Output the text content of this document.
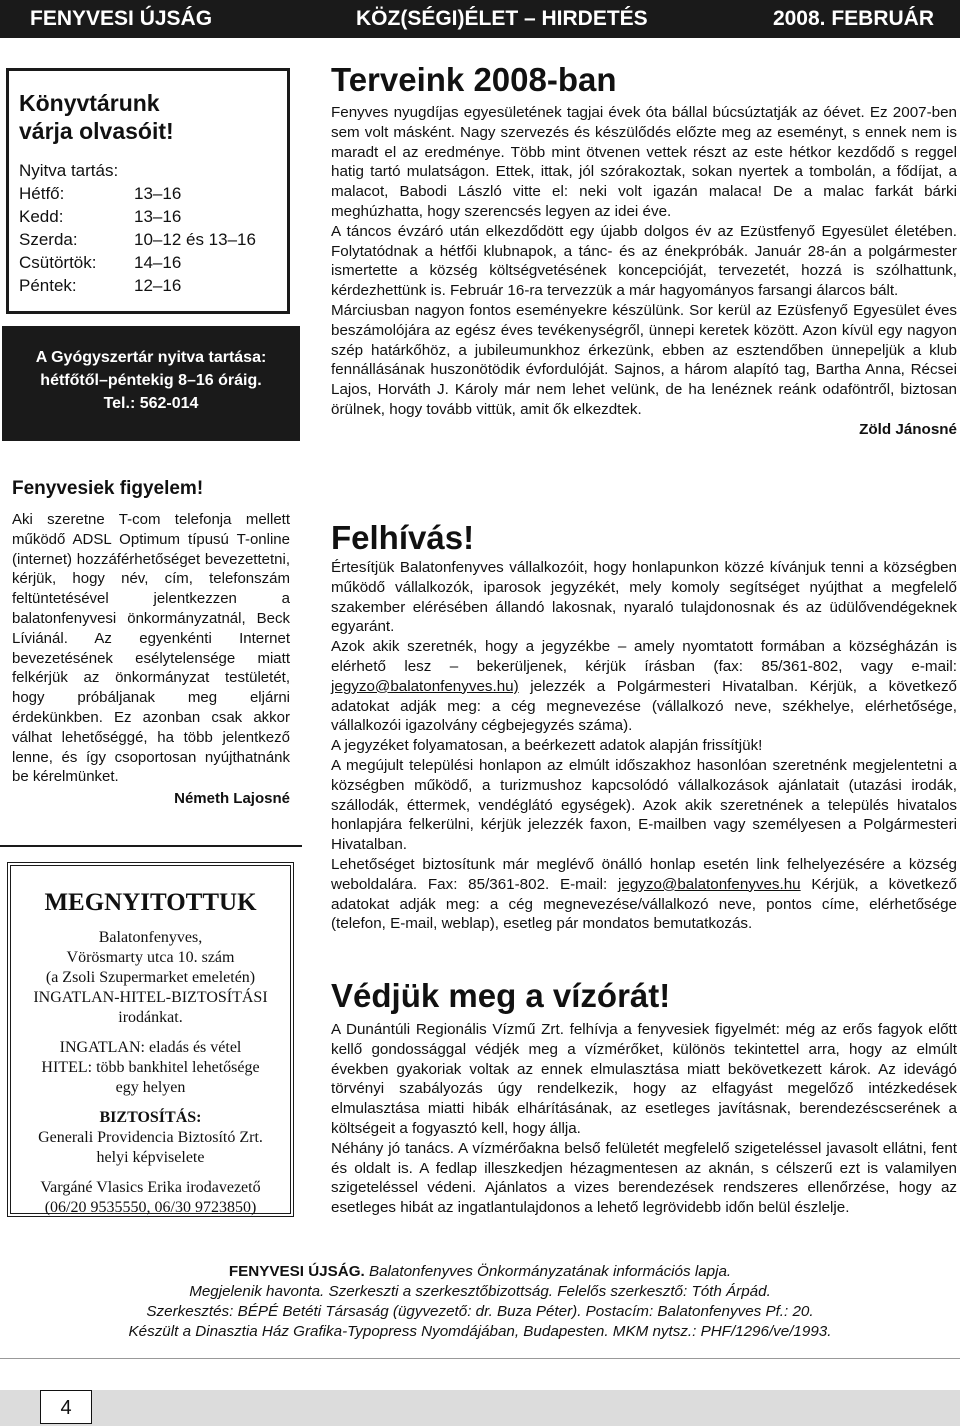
FENYVESI ÚJSÁG	KÖZ(SÉGI)ÉLET – HIRDETÉS	2008. FEBRUÁR
Könyvtárunk
várja olvasóit!
Nyitva tartás:
Hétfő:	13–16
Kedd:	13–16
Szerda:	10–12 és 13–16
Csütörtök:	14–16
Péntek:	12–16
A Gyógyszertár nyitva tartása:
hétfőtől–péntekig 8–16 óráig.
Tel.: 562-014
Fenyvesiek figyelem!
Aki szeretne T-com telefonja mellett működő ADSL Optimum típusú T-online (internet) hozzáférhetőséget bevezettetni, kérjük, hogy név, cím, telefonszám feltüntetésével jelentkezzen a balatonfenyvesi önkormányzatnál, Beck Líviánál. Az egyenkénti Internet bevezetésének esélytelensége miatt felkérjük az önkormányzat testületét, hogy próbáljanak meg eljárni érdekünkben. Ez azonban csak akkor válhat lehetőséggé, ha több jelentkező lenne, és így csoportosan nyújthatnánk be kérelmünket.
Németh Lajosné
MEGNYITOTTUK

Balatonfenyves,

Vörösmarty utca 10. szám

(a Zsoli Szupermarket emeletén)

INGATLAN-HITEL-BIZTOSÍTÁSI

irodánkat.

INGATLAN: eladás és vétel

HITEL: több bankhitel lehetősége

egy helyen

BIZTOSÍTÁS:

Generali Providencia Biztosító Zrt.

helyi képviselete

Vargáné Vlasics Erika irodavezető

(06/20 9535550, 06/30 9723850)

Terveink 2008-ban

Fenyves nyugdíjas egyesületének tagjai évek óta bállal búcsúztatják az óévet. Ez 2007-ben sem volt másként. Nagy szervezés és készülődés előzte meg az eseményt, s ennek nem is maradt el az eredménye. Több mint ötvenen vettek részt az este hétkor kezdődő s reggel hatig tartó mulatságon. Ettek, ittak, jól szórakoztak, sokan nyertek a tombolán, a fődíjat, a malacot, Babodi László vitte el: neki volt igazán malaca! De a malac farkát bárki meghúzhatta, hogy szerencsés legyen az idei éve.

A táncos évzáró után elkezdődött egy újabb dolgos év az Ezüstfenyő Egyesület életében. Folytatódnak a hétfői klubnapok, a tánc- és az énekpróbák. Január 28-án a polgármester ismertette a község költségvetésének koncepcióját, tervezetét, hozzá is szólhattunk, kérdezhettünk is. Február 16-ra tervezzük a már hagyományos farsangi álarcos bált.

Márciusban nagyon fontos eseményekre készülünk. Sor kerül az Ezüsfenyő Egyesület éves beszámolójára az egész éves tevékenységről, ünnepi keretek között. Azon kívül egy nagyon szép határkőhöz, a jubileumunkhoz érkezünk, ebben az esztendőben ünnepeljük a klub fennállásának huszonötödik évfordulóját. Sajnos, a három alapító tag, Bartha Anna, Récsei Lajos, Horváth J. Károly már nem lehet velünk, de ha lenéznek reánk odaföntről, biztosan örülnek, hogy tovább vittük, amit ők elkezdtek.

Zöld Jánosné

Felhívás!

Értesítjük Balatonfenyves vállalkozóit, hogy honlapunkon közzé kívánjuk tenni a községben működő vállalkozók, iparosok jegyzékét, mely komoly segítséget nyújthat a megfelelő szakember elérésében állandó lakosnak, nyaraló tulajdonosnak és az üdülővendégeknek egyaránt.

Azok akik szeretnék, hogy a jegyzékbe – amely nyomtatott formában a községházán is elérhető lesz – bekerüljenek, kérjük írásban (fax: 85/361-802, vagy e-mail: jegyzo@balatonfenyves.hu) jelezzék a Polgármesteri Hivatalban. Kérjük, a következő adatokat adják meg: a cég megnevezése (vállalkozó neve, székhelye, elérhetősége, vállalkozói igazolvány cégbejegyzés száma).

A jegyzéket folyamatosan, a beérkezett adatok alapján frissítjük!

A megújult települési honlapon az elmúlt időszakhoz hasonlóan szeretnénk megjelentetni a községben működő, a turizmushoz kapcsolódó vállalkozások ajánlatait (utazási irodák, szállodák, éttermek, vendéglátó egységek). Azok akik szeretnének a település hivatalos honlapjára felkerülni, kérjük jelezzék faxon, E-mailben vagy személyesen a Polgármesteri Hivatalban.

Lehetőséget biztosítunk már meglévő önálló honlap esetén link felhelyezésére a község weboldalára. Fax: 85/361-802. E-mail: jegyzo@balatonfenyves.hu Kérjük, a következő adatokat adják meg: a cég megnevezése/vállalkozó neve, pontos címe, elérhetősége (telefon, E-mail, weblap), esetleg pár mondatos bemutatkozás.

Védjük meg a vízórát!

A Dunántúli Regionális Vízmű Zrt. felhívja a fenyvesiek figyelmét: még az erős fagyok előtt kellő gondossággal védjék meg a vízmérőket, különös tekintettel arra, hogy az elmúlt években gyakoriak voltak az ennek elmulasztása miatt bekövetkezett károk. Az idevágó törvényi szabályozás úgy rendelkezik, hogy az elfagyást megelőző intézkedések elmulasztása miatti hibák elhárításának, az esetleges javításnak, berendezéscserének a költségeit a fogyasztó kell, hogy állja.

Néhány jó tanács. A vízmérőakna belső felületét megfelelő szigeteléssel javasolt ellátni, fent és oldalt is. A fedlap illeszkedjen hézagmentesen az aknán, s célszerű ezt is valamilyen szigeteléssel védeni. Ajánlatos a vizes berendezések rendszeres ellenőrzése, hogy az esetleges hibát az ingatlantulajdonos a lehető legrövidebb időn belül észlelje.

FENYVESI ÚJSÁG. Balatonfenyves Önkormányzatának információs lapja.
Megjelenik havonta. Szerkeszti a szerkesztőbizottság. Felelős szerkesztő: Tóth Árpád.
Szerkesztés: BÉPÉ Betéti Társaság (ügyvezető: dr. Buza Péter). Postacím: Balatonfenyves Pf.: 20.
Készült a Dinasztia Ház Grafika-Typopress Nyomdájában, Budapesten. MKM nytsz.: PHF/1296/ve/1993.
4
